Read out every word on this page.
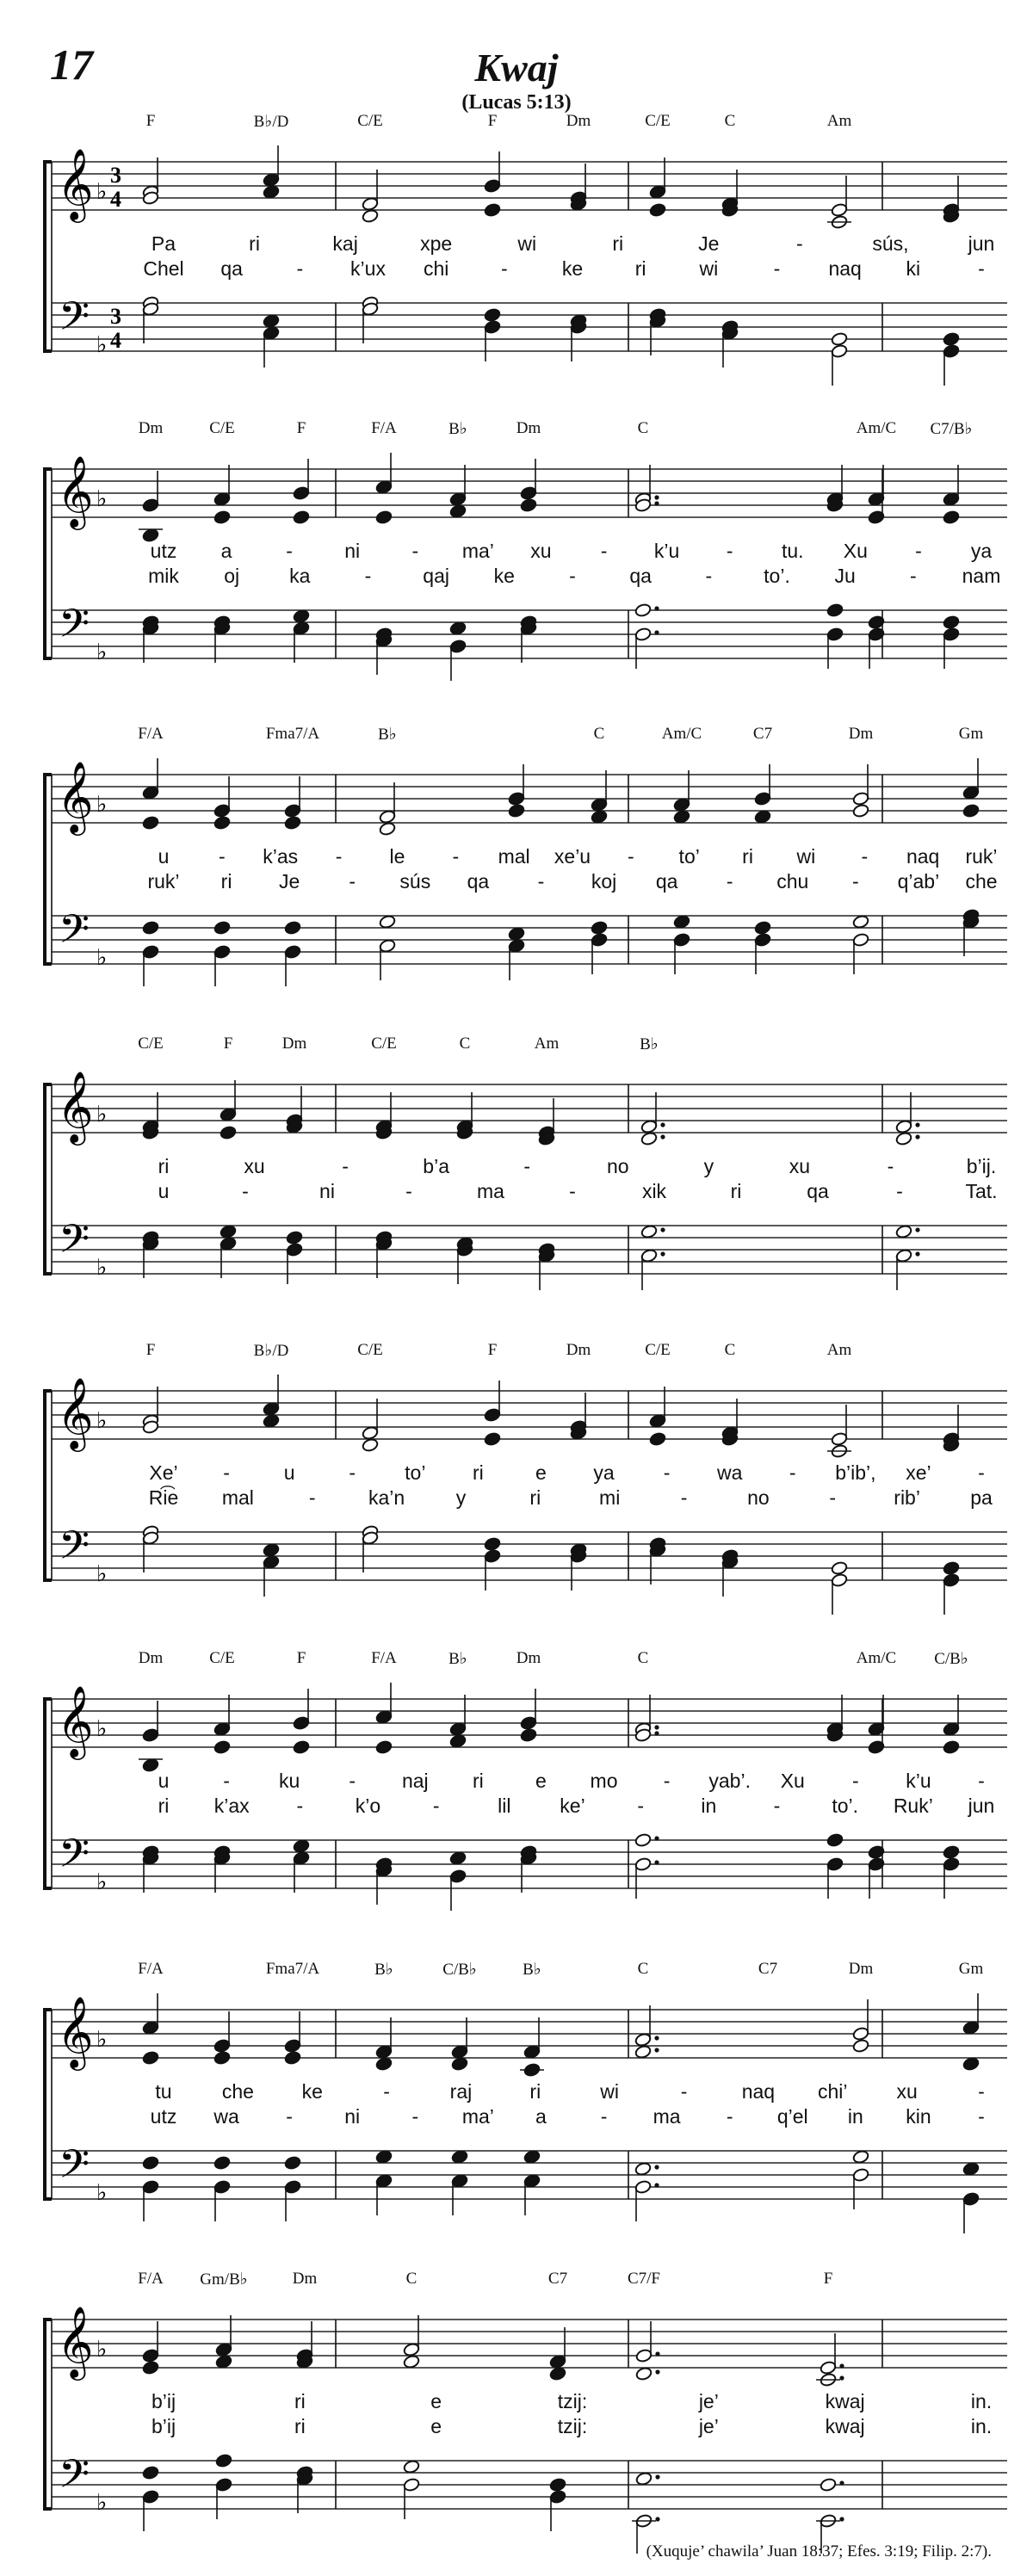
17	Kwaj
(Lucas 5:13)
𝄞
𝄢
♭
♭
3
4
3
4
F	B♭/D	C/E	F	Dm	C/E	C	Am
Pa	ri	kaj	xpe	wi	ri	Je	-	sús,	jun
Chel qa	- k’ux chi	-	ke	ri	wi	- naq ki	-
𝄞
𝄢
♭
♭
Dm	C/E	F	F/A	B♭	Dm	C	Am/C C7/B♭
utz a	-	ni	- ma’ xu - k’u - tu. Xu - ya
mik oj	ka	-	qaj ke	-	qa	-	to’. Ju	- nam
𝄞
𝄢
♭
♭
F/A	Fma7/A	B♭	C	Am/C	C7	Dm	Gm
u	- k’as - le - mal xe’u - to’ ri wi - naq ruk’
ruk’ ri Je - sús qa - koj qa - chu - q’ab’ che
𝄞
𝄢
♭
♭
C/E	F	Dm	C/E	C	Am	B♭
ri	xu	-	b’a	-	no	y	xu	-	b’ij.
u	-	ni	-	ma	-	xik	ri	qa	-	Tat.
𝄞
𝄢
♭
♭
F	B♭/D	C/E	F	Dm	C/E	C	Am
Xe’ -	u	- to’ ri	e ya - wa - b’ib’, xe’ -
Ri͡e mal	-	ka’n	y	ri	mi	-	no	-	rib’	pa
𝄞
𝄢
♭
♭
Dm	C/E	F	F/A	B♭	Dm	C	Am/C C/B♭
u	- ku - naj ri	e mo - yab’. Xu - k’u -
ri k’ax -	k’o	-	lil ke’	-	in	-	to’. Ruk’ jun
𝄞
𝄢
♭
♭
F/A	Fma7/A	B♭	C/B♭	B♭	C	C7	Dm	Gm
tu	che ke	-	raj	ri	wi	-	naq chi’ xu	-
utz wa -	ni	- ma’ a	- ma - q’el in kin -
𝄞
𝄢
♭
♭
F/A Gm/B♭	Dm	C	C7	C7/F	F
b’ij	ri	e	tzij:	je’	kwaj	in.
b’ij	ri	e	tzij:	je’	kwaj	in.
(Xuquje’ chawila’ Juan 18:37; Efes. 3:19; Filip. 2:7).
